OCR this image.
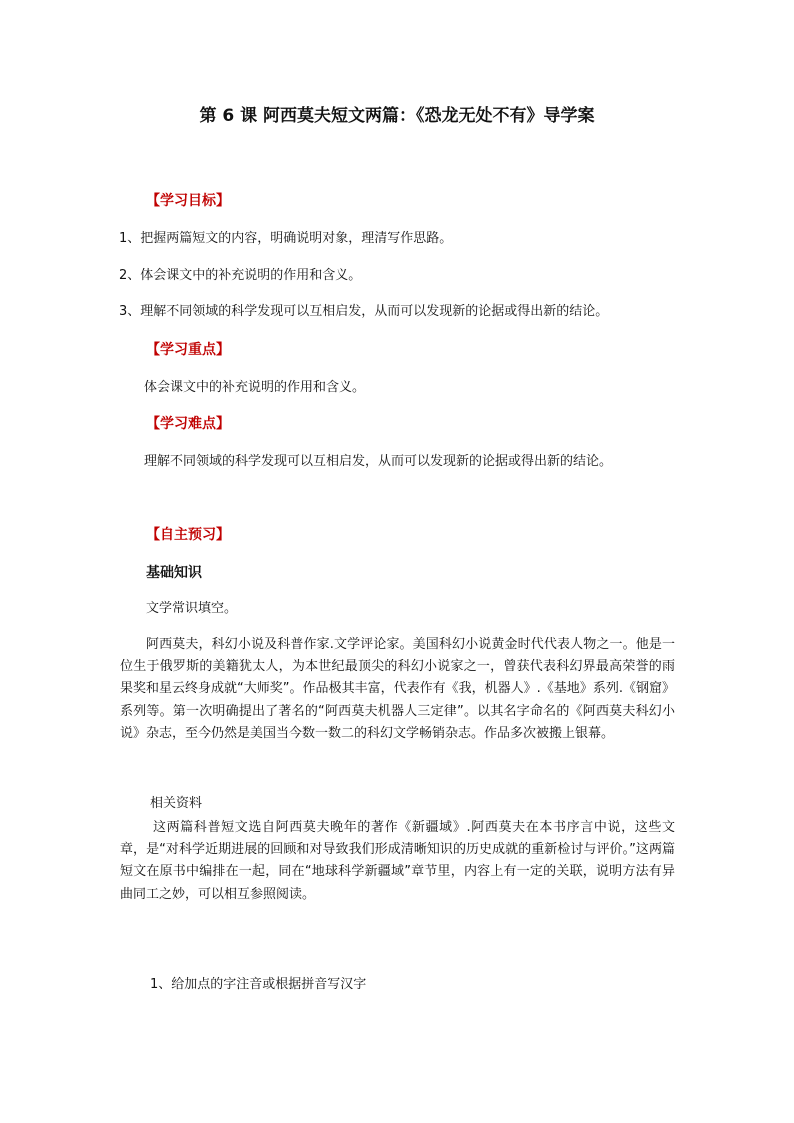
第 6 课 阿西莫夫短文两篇：《恐龙无处不有》导学案
【学习目标】
1、把握两篇短文的内容，明确说明对象，理清写作思路。
2、体会课文中的补充说明的作用和含义。
3、理解不同领域的科学发现可以互相启发，从而可以发现新的论据或得出新的结论。
【学习重点】
体会课文中的补充说明的作用和含义。
【学习难点】
理解不同领域的科学发现可以互相启发，从而可以发现新的论据或得出新的结论。
【自主预习】
基础知识
文学常识填空。

阿西莫夫，科幻小说及科普作家.文学评论家。美国科幻小说黄金时代代表人物之一。他是一位生于俄罗斯的美籍犹太人，为本世纪最顶尖的科幻小说家之一，曾获代表科幻界最高荣誉的雨果奖和星云终身成就“大师奖”。作品极其丰富，代表作有《我，机器人》.《基地》系列.《钢窟》系列等。第一次明确提出了著名的“阿西莫夫机器人三定律”。以其名字命名的《阿西莫夫科幻小说》杂志，至今仍然是美国当今数一数二的科幻文学畅销杂志。作品多次被搬上银幕。

相关资料

这两篇科普短文选自阿西莫夫晚年的著作《新疆域》.阿西莫夫在本书序言中说，这些文章，是“对科学近期进展的回顾和对导致我们形成清晰知识的历史成就的重新检讨与评价。”这两篇短文在原书中编排在一起，同在“地球科学新疆域”章节里，内容上有一定的关联，说明方法有异曲同工之妙，可以相互参照阅读。

1、给加点的字注音或根据拼音写汉字
